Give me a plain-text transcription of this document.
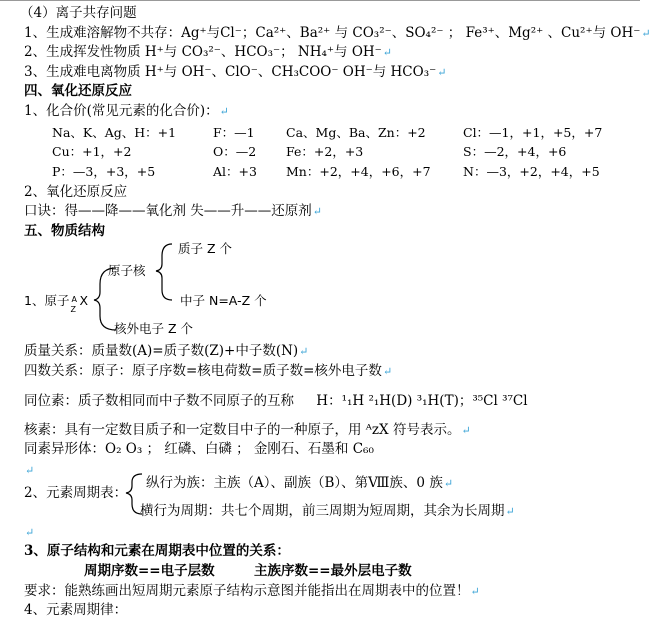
（4）离子共存问题
1、生成难溶解物不共存：Ag⁺与Cl⁻；Ca²⁺、Ba²⁺ 与 CO₃²⁻、SO₄²⁻ ； Fe³⁺、Mg²⁺ 、Cu²⁺与 OH⁻↵
2、生成挥发性物质 H⁺与 CO₃²⁻、HCO₃⁻； NH₄⁺与 OH⁻↵
3、生成难电离物质 H⁺与 OH⁻、ClO⁻、CH₃COO⁻ OH⁻与 HCO₃⁻↵
四、氧化还原反应
1、化合价(常见元素的化合价)：↵
Na、K、Ag、H：+1	F：—1	Ca、Mg、Ba、Zn：+2	Cl：—1，+1，+5，+7
Cu：+1，+2	O：—2 Fe：+2，+3	S：—2，+4，+6
P：—3，+3，+5	Al：+3 Mn：+2，+4，+6，+7	N：—3，+2，+4，+5
2、氧化还原反应
口诀：得——降——氧化剂 失——升——还原剂↵
五、物质结构
质子 Z 个
原子核
中子 N=A-Z 个
核外电子 Z 个
1、原子 A
Z
X
质量关系：质量数(A)=质子数(Z)+中子数(N)↵
四数关系：原子：原子序数=核电荷数=质子数=核外电子数↵
同位素：质子数相同而中子数不同原子的互称 H：¹₁H ²₁H(D) ³₁H(T)；³⁵Cl ³⁷Cl
核素：具有一定数目质子和一定数目中子的一种原子，用 ᴬzX 符号表示。↵
同素异形体：O₂ O₃ ； 红磷、白磷 ； 金刚石、石墨和 C₆₀
↵
2、元素周期表：
纵行为族：主族（A）、副族（B）、第Ⅷ族、0 族↵
横行为周期：共七个周期，前三周期为短周期，其余为长周期↵
↵
3、原子结构和元素在周期表中位置的关系：
周期序数==电子层数	主族序数==最外层电子数
要求：能熟练画出短周期元素原子结构示意图并能指出在周期表中的位置！↵
4、元素周期律：
